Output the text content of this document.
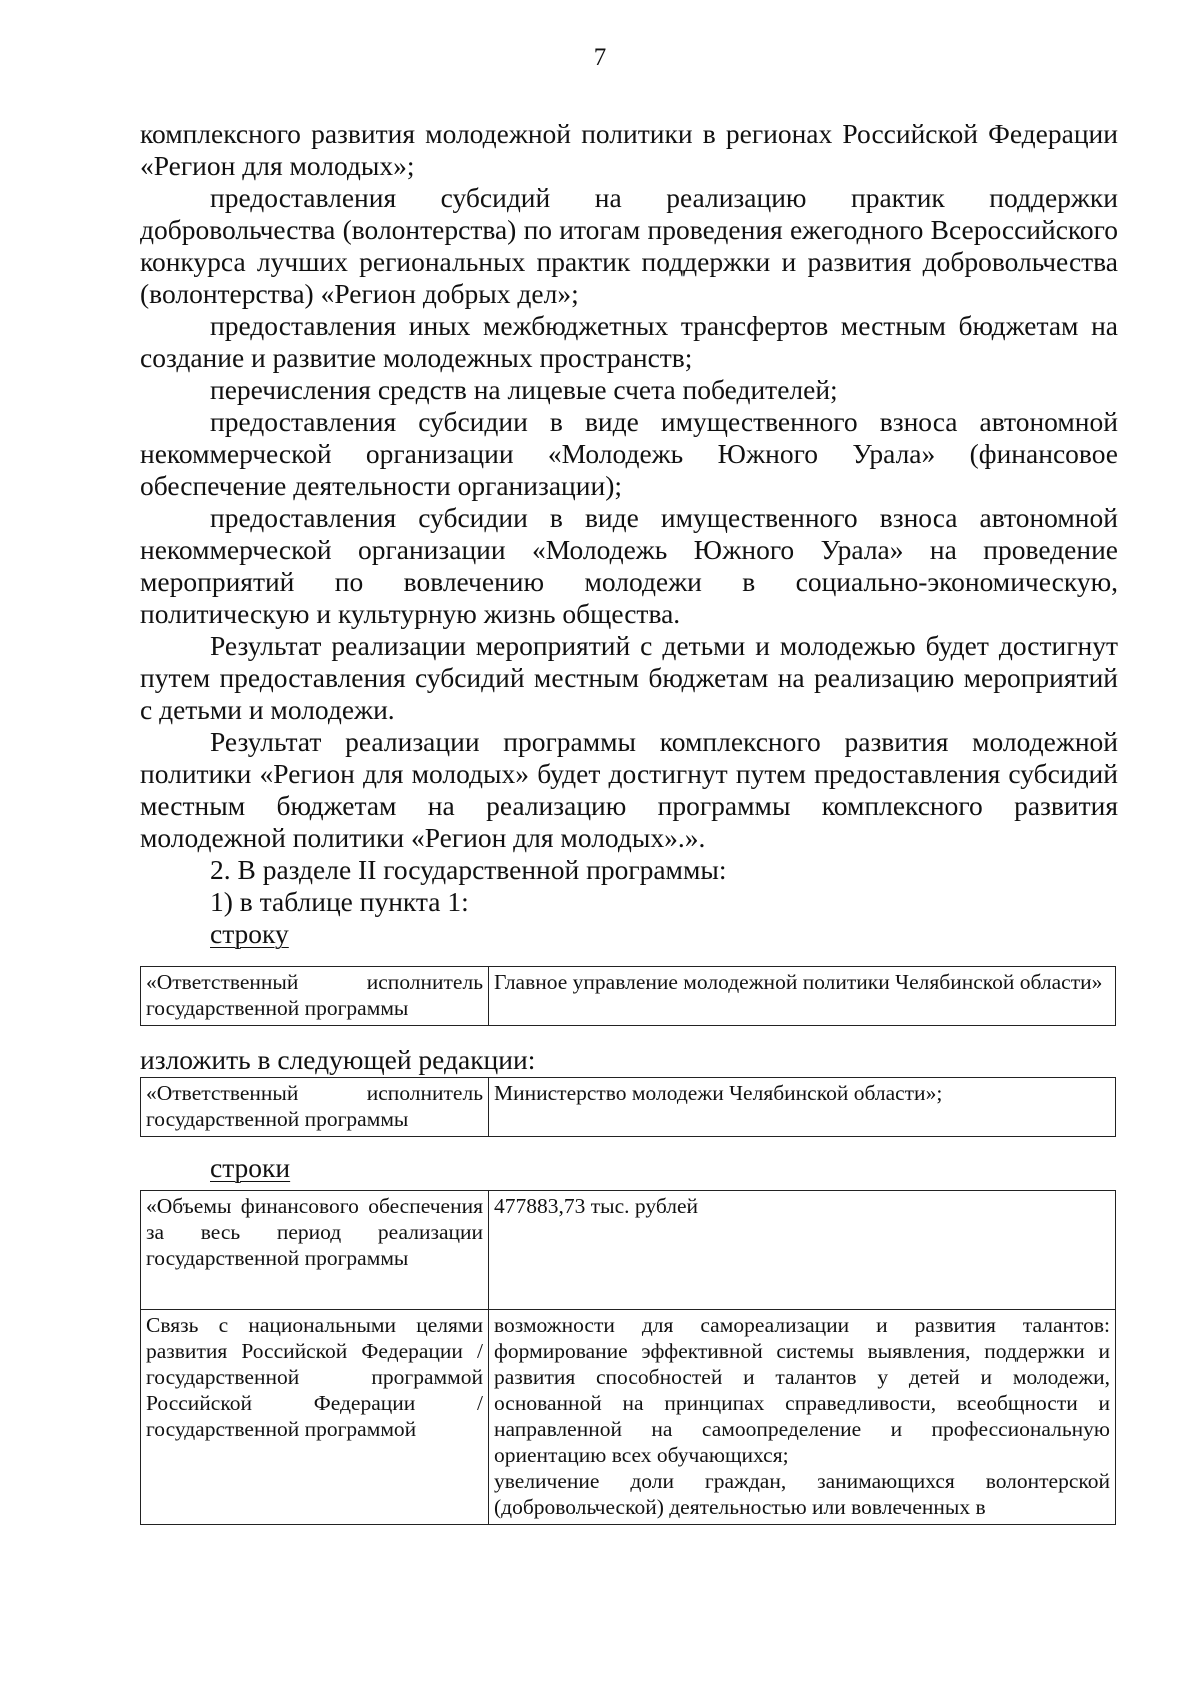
7

комплексного развития молодежной политики в регионах Российской Федерации «Регион для молодых»;

предоставления субсидий на реализацию практик поддержки добровольчества (волонтерства) по итогам проведения ежегодного Всероссийского конкурса лучших региональных практик поддержки и развития добровольчества (волонтерства) «Регион добрых дел»;

предоставления иных межбюджетных трансфертов местным бюджетам на создание и развитие молодежных пространств;

перечисления средств на лицевые счета победителей;

предоставления субсидии в виде имущественного взноса автономной некоммерческой организации «Молодежь Южного Урала» (финансовое обеспечение деятельности организации);

предоставления субсидии в виде имущественного взноса автономной некоммерческой организации «Молодежь Южного Урала» на проведение мероприятий по вовлечению молодежи в социально-экономическую, политическую и культурную жизнь общества.

Результат реализации мероприятий с детьми и молодежью будет достигнут путем предоставления субсидий местным бюджетам на реализацию мероприятий с детьми и молодежи.

Результат реализации программы комплексного развития молодежной политики «Регион для молодых» будет достигнут путем предоставления субсидий местным бюджетам на реализацию программы комплексного развития молодежной политики «Регион для молодых».».

2. В разделе II государственной программы:

1) в таблице пункта 1:

строку

«Ответственный исполнитель государственной программы	Главное управление молодежной политики Челябинской области»

изложить в следующей редакции:

«Ответственный исполнитель государственной программы	Министерство молодежи Челябинской области»;

строки

«Объемы финансового обеспечения за весь период реализации государственной программы	477883,73 тыс. рублей
Связь с национальными целями развития Российской Федерации / государственной программой Российской Федерации / государственной программой	возможности для самореализации и развития талантов: формирование эффективной системы выявления, поддержки и развития способностей и талантов у детей и молодежи, основанной на принципах справедливости, всеобщности и направленной на самоопределение и профессиональную ориентацию всех обучающихся;
увеличение доли граждан, занимающихся волонтерской (добровольческой) деятельностью или вовлеченных в
